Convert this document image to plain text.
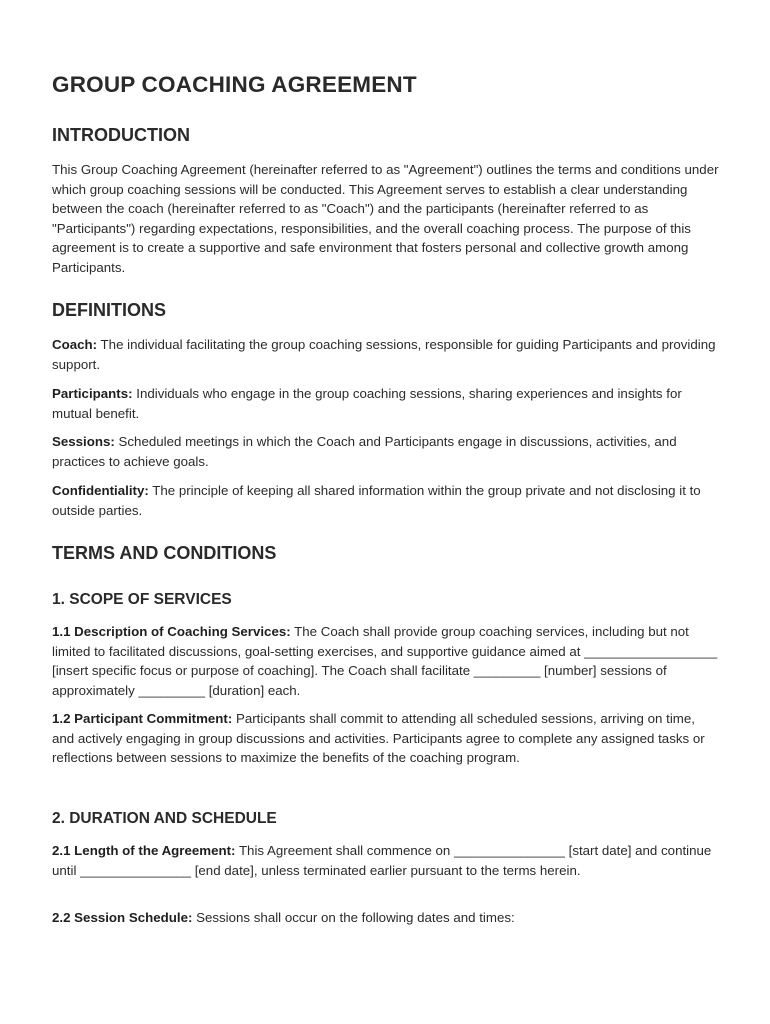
GROUP COACHING AGREEMENT
INTRODUCTION

This Group Coaching Agreement (hereinafter referred to as "Agreement") outlines the terms and conditions under which group coaching sessions will be conducted. This Agreement serves to establish a clear understanding between the coach (hereinafter referred to as "Coach") and the participants (hereinafter referred to as "Participants") regarding expectations, responsibilities, and the overall coaching process. The purpose of this agreement is to create a supportive and safe environment that fosters personal and collective growth among Participants.

DEFINITIONS

Coach: The individual facilitating the group coaching sessions, responsible for guiding Participants and providing support.

Participants: Individuals who engage in the group coaching sessions, sharing experiences and insights for mutual benefit.

Sessions: Scheduled meetings in which the Coach and Participants engage in discussions, activities, and practices to achieve goals.

Confidentiality: The principle of keeping all shared information within the group private and not disclosing it to outside parties.

TERMS AND CONDITIONS
1. SCOPE OF SERVICES

1.1 Description of Coaching Services: The Coach shall provide group coaching services, including but not limited to facilitated discussions, goal-setting exercises, and supportive guidance aimed at __________________ [insert specific focus or purpose of coaching]. The Coach shall facilitate _________ [number] sessions of approximately _________ [duration] each.

1.2 Participant Commitment: Participants shall commit to attending all scheduled sessions, arriving on time, and actively engaging in group discussions and activities. Participants agree to complete any assigned tasks or reflections between sessions to maximize the benefits of the coaching program.

2. DURATION AND SCHEDULE

2.1 Length of the Agreement: This Agreement shall commence on _______________ [start date] and continue until _______________ [end date], unless terminated earlier pursuant to the terms herein.

2.2 Session Schedule: Sessions shall occur on the following dates and times:
